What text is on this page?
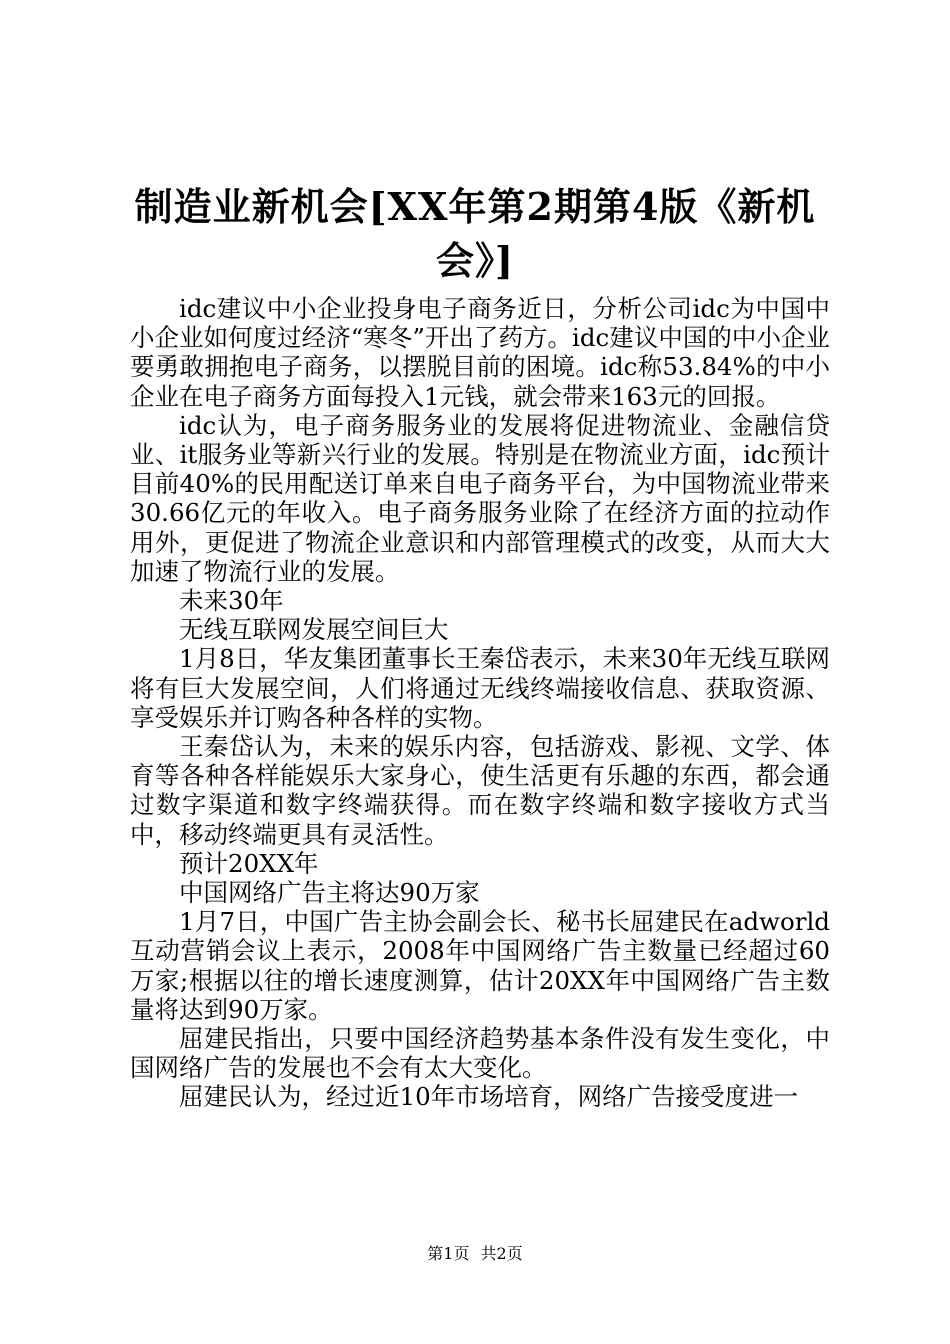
制造业新机会[XX年第2期第4版《新机
会》]

idc建议中小企业投身电子商务近日，分析公司idc为中国中小企业如何度过经济“寒冬”开出了药方。idc建议中国的中小企业要勇敢拥抱电子商务，以摆脱目前的困境。idc称53.84%的中小企业在电子商务方面每投入1元钱，就会带来163元的回报。

idc认为，电子商务服务业的发展将促进物流业、金融信贷业、it服务业等新兴行业的发展。特别是在物流业方面，idc预计目前40%的民用配送订单来自电子商务平台，为中国物流业带来30.66亿元的年收入。电子商务服务业除了在经济方面的拉动作用外，更促进了物流企业意识和内部管理模式的改变，从而大大加速了物流行业的发展。

未来30年

无线互联网发展空间巨大

1月8日，华友集团董事长王秦岱表示，未来30年无线互联网将有巨大发展空间，人们将通过无线终端接收信息、获取资源、享受娱乐并订购各种各样的实物。

王秦岱认为，未来的娱乐内容，包括游戏、影视、文学、体育等各种各样能娱乐大家身心，使生活更有乐趣的东西，都会通过数字渠道和数字终端获得。而在数字终端和数字接收方式当中，移动终端更具有灵活性。

预计20XX年

中国网络广告主将达90万家

1月7日，中国广告主协会副会长、秘书长屈建民在adworld互动营销会议上表示，2008年中国网络广告主数量已经超过60万家;根据以往的增长速度测算，估计20XX年中国网络广告主数量将达到90万家。

屈建民指出，只要中国经济趋势基本条件没有发生变化，中国网络广告的发展也不会有太大变化。

屈建民认为，经过近10年市场培育，网络广告接受度进一

第1页 共2页
